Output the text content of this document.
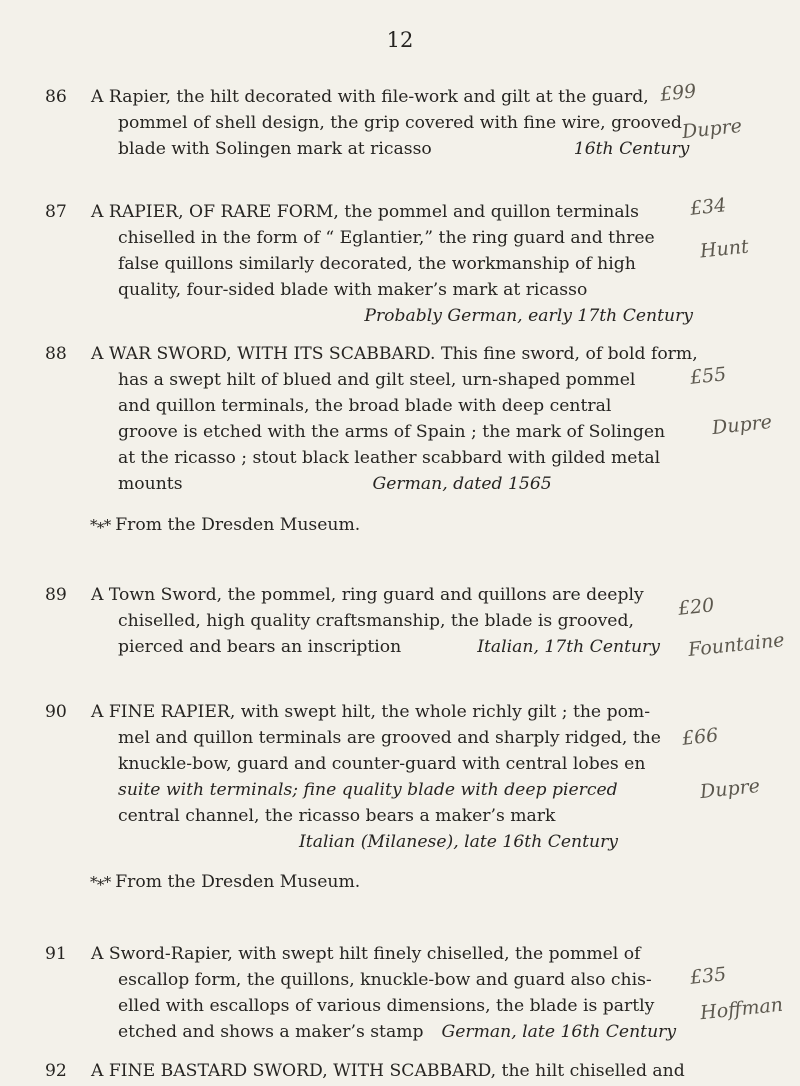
12
86	A Rapier, the hilt decorated with file-work and gilt at the guard,
pommel of shell design, the grip covered with fine wire, grooved
blade with Solingen mark at ricasso	16th Century
£99
Dupre
87	A RAPIER, OF RARE FORM, the pommel and quillon terminals
chiselled in the form of “ Eglantier,” the ring guard and three
false quillons similarly decorated, the workmanship of high
quality, four-sided blade with maker’s mark at ricasso
Probably German, early 17th Century
£34
Hunt
88	A WAR SWORD, WITH ITS SCABBARD. This fine sword, of bold form,
has a swept hilt of blued and gilt steel, urn-shaped pommel
and quillon terminals, the broad blade with deep central
groove is etched with the arms of Spain ; the mark of Solingen
at the ricasso ; stout black leather scabbard with gilded metal
mounts	German, dated 1565
*∗* From the Dresden Museum.
£55
Dupre
89	A Town Sword, the pommel, ring guard and quillons are deeply
chiselled, high quality craftsmanship, the blade is grooved,
pierced and bears an inscription	Italian, 17th Century
£20
Fountaine
90	A FINE RAPIER, with swept hilt, the whole richly gilt ; the pom-
mel and quillon terminals are grooved and sharply ridged, the
knuckle-bow, guard and counter-guard with central lobes en
suite with terminals; fine quality blade with deep pierced
central channel, the ricasso bears a maker’s mark
Italian (Milanese), late 16th Century
*∗* From the Dresden Museum.
£66
Dupre
91	A Sword-Rapier, with swept hilt finely chiselled, the pommel of
escallop form, the quillons, knuckle-bow and guard also chis-
elled with escallops of various dimensions, the blade is partly
etched and shows a maker’s stamp German, late 16th Century
£35
Hoffman
92	A FINE BASTARD SWORD, WITH SCABBARD, the hilt chiselled and
